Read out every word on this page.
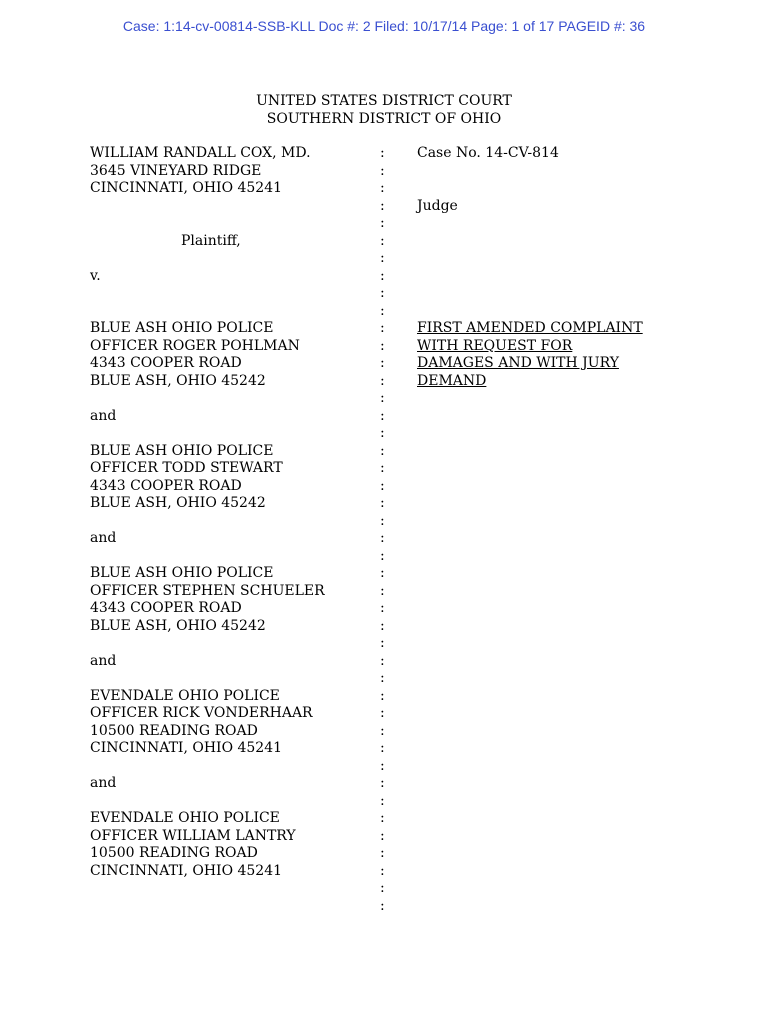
Case: 1:14-cv-00814-SSB-KLL Doc #: 2 Filed: 10/17/14 Page: 1 of 17 PAGEID #: 36
UNITED STATES DISTRICT COURT
SOUTHERN DISTRICT OF OHIO
WILLIAM RANDALL COX, MD.	: Case No. 14-CV-814
3645 VINEYARD RIDGE	:
CINCINNATI, OHIO 45241	:
: Judge
:
Plaintiff,	:
:
v.	:
:
:
BLUE ASH OHIO POLICE	: FIRST AMENDED COMPLAINT
OFFICER ROGER POHLMAN	: WITH REQUEST FOR
4343 COOPER ROAD	: DAMAGES AND WITH JURY
BLUE ASH, OHIO 45242	: DEMAND
:
and	:
:
BLUE ASH OHIO POLICE	:
OFFICER TODD STEWART	:
4343 COOPER ROAD	:
BLUE ASH, OHIO 45242	:
:
and	:
:
BLUE ASH OHIO POLICE	:
OFFICER STEPHEN SCHUELER	:
4343 COOPER ROAD	:
BLUE ASH, OHIO 45242	:
:
and	:
:
EVENDALE OHIO POLICE	:
OFFICER RICK VONDERHAAR	:
10500 READING ROAD	:
CINCINNATI, OHIO 45241	:
:
and	:
:
EVENDALE OHIO POLICE	:
OFFICER WILLIAM LANTRY	:
10500 READING ROAD	:
CINCINNATI, OHIO 45241	:
:
:
